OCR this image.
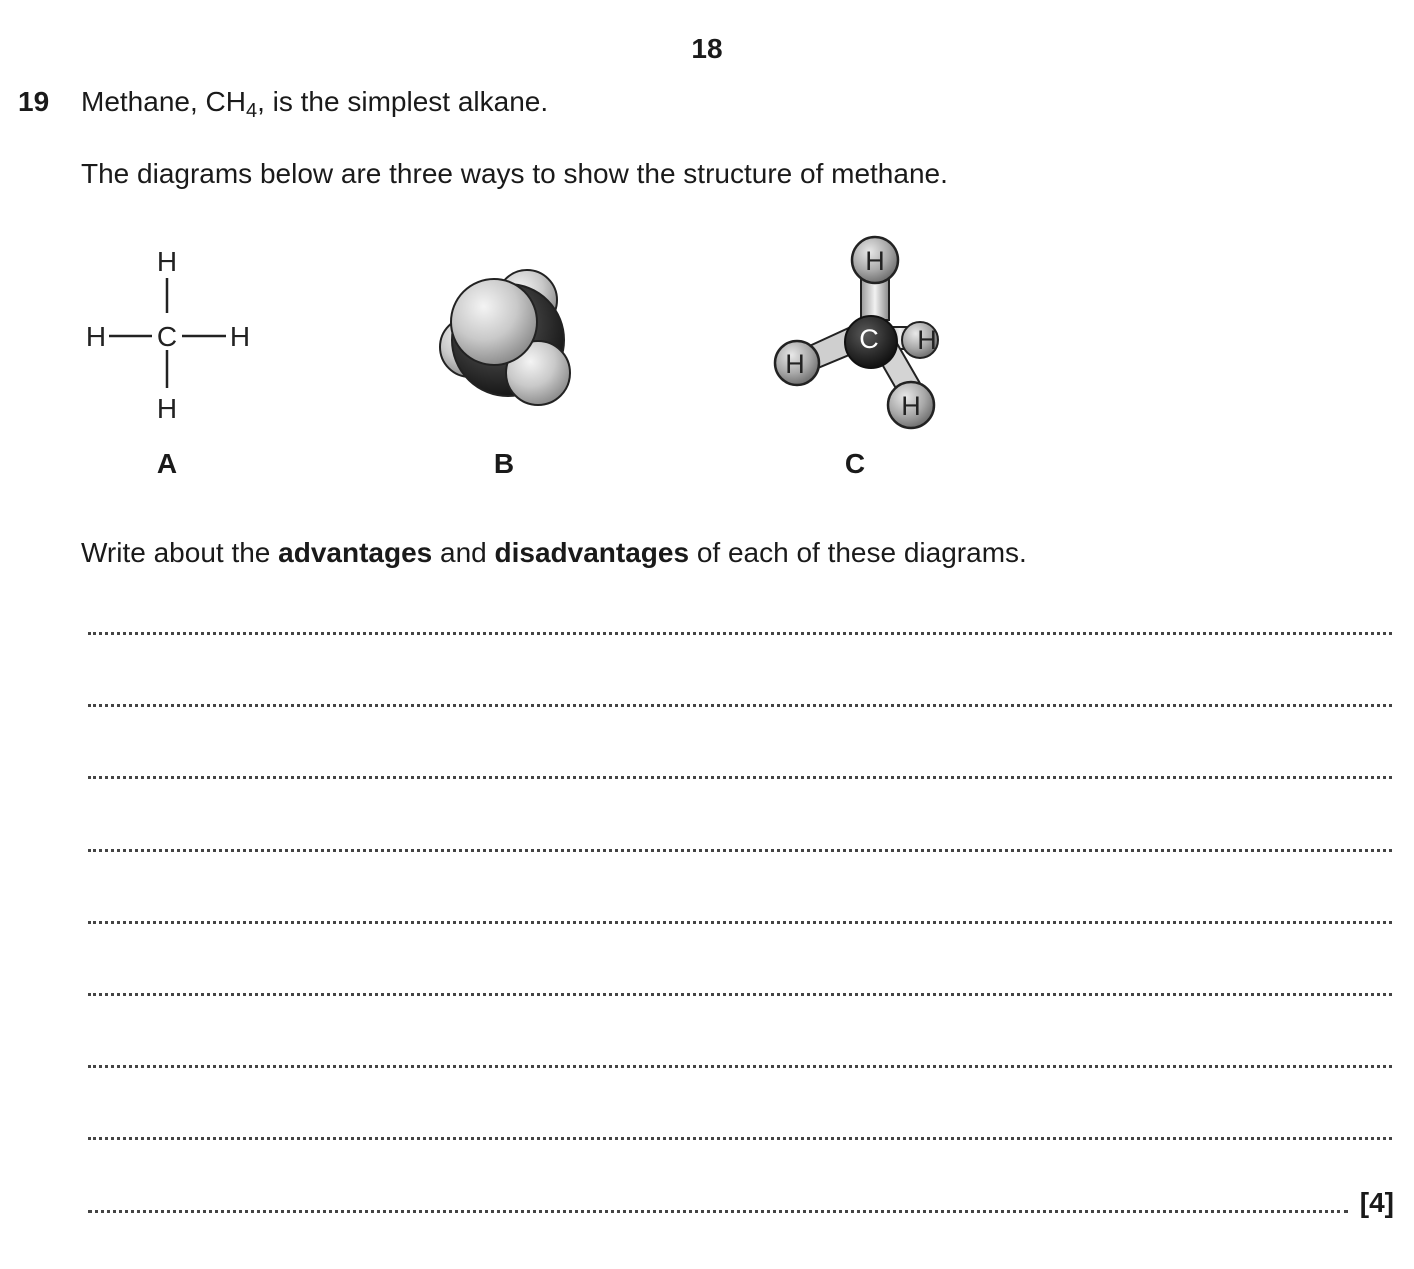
18
19 Methane, $CH_4$, is the simplest alkane.
The diagrams below are three ways to show the structure of methane.
H
H C H
H
H
C H
H
H
A	B	C
Write about the advantages and disadvantages of each of these diagrams.
[4]
